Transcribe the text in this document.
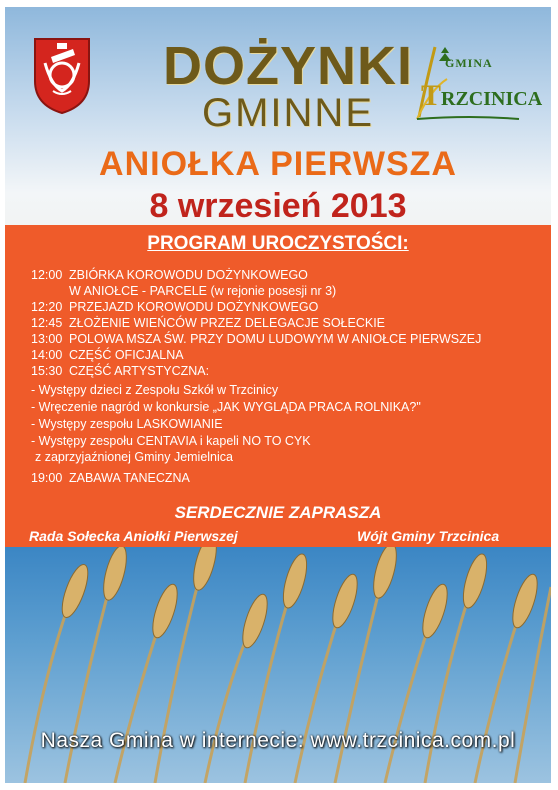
DOŻYNKI
GMINNE
ANIOŁKA PIERWSZA
8 wrzesień 2013
GMINA
TRZCINICA
PROGRAM UROCZYSTOŚCI:
12:00 ZBIÓRKA KOROWODU DOŻYNKOWEGO
W ANIOŁCE - PARCELE (w rejonie posesji nr 3)
12:20 PRZEJAZD KOROWODU DOŻYNKOWEGO
12:45 ZŁOŻENIE WIEŃCÓW PRZEZ DELEGACJE SOŁECKIE
13:00 POLOWA MSZA ŚW. PRZY DOMU LUDOWYM W ANIOŁCE PIERWSZEJ
14:00 CZĘŚĆ OFICJALNA
15:30 CZĘŚĆ ARTYSTYCZNA:
- Występy dzieci z Zespołu Szkół w Trzcinicy
- Wręczenie nagród w konkursie „JAK WYGLĄDA PRACA ROLNIKA?"
- Występy zespołu LASKOWIANIE
- Występy zespołu CENTAVIA i kapeli NO TO CYK
z zaprzyjaźnionej Gminy Jemielnica
19:00 ZABAWA TANECZNA
SERDECZNIE ZAPRASZA
Rada Sołecka Aniołki Pierwszej	Wójt Gminy Trzcinica
Nasza Gmina w internecie: www.trzcinica.com.pl
